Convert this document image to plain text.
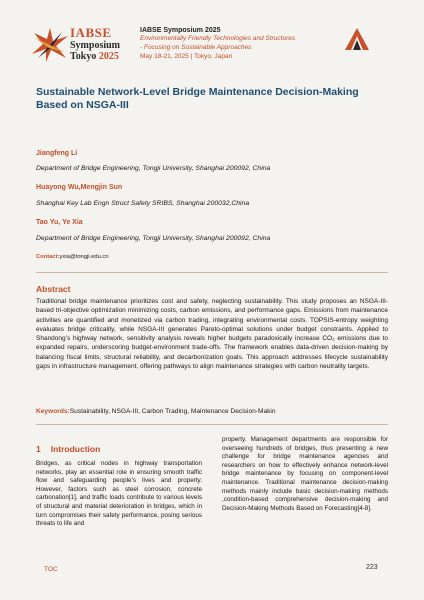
IABSE
Symposium
Tokyo 2025
IABSE Symposium 2025
Environmentally Friendly Technologies and Structures
- Focusing on Sustainable Approaches
May 18-21, 2025 | Tokyo, Japan
Sustainable Network-Level Bridge Maintenance Decision-Making Based on NSGA-III
Jiangfeng Li
Department of Bridge Engineering, Tongji University, Shanghai 200092, China
Huayong Wu,Mengjin Sun
Shanghai Key Lab Engn Struct Safety SRIBS, Shanghai 200032,China
Tao Yu, Ye Xia
Department of Bridge Engineering, Tongji University, Shanghai 200092, China
Contact:yxia@tongji.edu.cn
Abstract
Traditional bridge maintenance prioritizes cost and safety, neglecting sustainability. This study proposes an NSGA-III-based tri-objective optimization minimizing costs, carbon emissions, and performance gaps. Emissions from maintenance activities are quantified and monetized via carbon trading, integrating environmental costs. TOPSIS-entropy weighting evaluates bridge criticality, while NSGA-III generates Pareto-optimal solutions under budget constraints. Applied to Shandong’s highway network, sensitivity analysis reveals higher budgets paradoxically increase CO₂ emissions due to expanded repairs, underscoring budget-environment trade-offs. The framework enables data-driven decision-making by balancing fiscal limits, structural reliability, and decarbonization goals. This approach addresses lifecycle sustainability gaps in infrastructure management, offering pathways to align maintenance strategies with carbon neutrality targets.
Keywords:Sustainability, NSGA-III, Carbon Trading, Maintenance Decision-Makin
1 Introduction
Bridges, as critical nodes in highway transportation networks, play an essential role in ensuring smooth traffic flow and safeguarding people’s lives and property. However, factors such as steel corrosion, concrete carbonation[1], and traffic loads contribute to various levels of structural and material deterioration in bridges, which in turn compromises their safety performance, posing serious threats to life and
property. Management departments are responsible for overseeing hundreds of bridges, thus presenting a new challenge for bridge maintenance agencies and researchers on how to effectively enhance network-level bridge maintenance by focusing on component-level maintenance. Traditional maintenance decision-making methods mainly include basic decision-making methods ,condition-based comprehensive decision-making and Decision-Making Methods Based on Forecasting[4-8].
TOC	223
